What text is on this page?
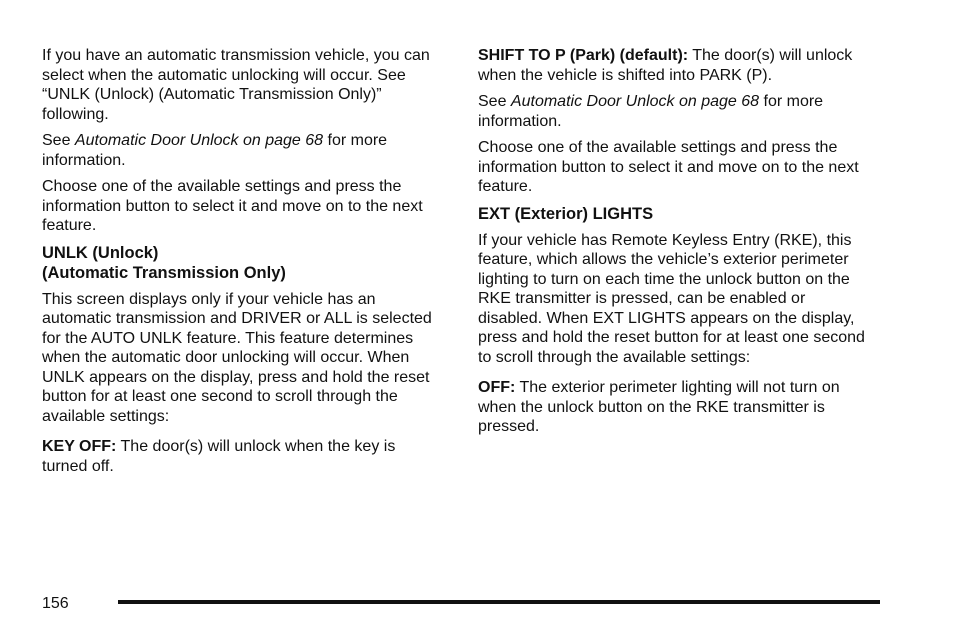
If you have an automatic transmission vehicle, you can select when the automatic unlocking will occur. See “UNLK (Unlock) (Automatic Transmission Only)” following.

See Automatic Door Unlock on page 68 for more information.

Choose one of the available settings and press the information button to select it and move on to the next feature.

UNLK (Unlock)
(Automatic Transmission Only)

This screen displays only if your vehicle has an automatic transmission and DRIVER or ALL is selected for the AUTO UNLK feature. This feature determines when the automatic door unlocking will occur. When UNLK appears on the display, press and hold the reset button for at least one second to scroll through the available settings:

KEY OFF: The door(s) will unlock when the key is turned off.

SHIFT TO P (Park) (default): The door(s) will unlock when the vehicle is shifted into PARK (P).

See Automatic Door Unlock on page 68 for more information.

Choose one of the available settings and press the information button to select it and move on to the next feature.

EXT (Exterior) LIGHTS

If your vehicle has Remote Keyless Entry (RKE), this feature, which allows the vehicle’s exterior perimeter lighting to turn on each time the unlock button on the RKE transmitter is pressed, can be enabled or disabled. When EXT LIGHTS appears on the display, press and hold the reset button for at least one second to scroll through the available settings:

OFF: The exterior perimeter lighting will not turn on when the unlock button on the RKE transmitter is pressed.

156
